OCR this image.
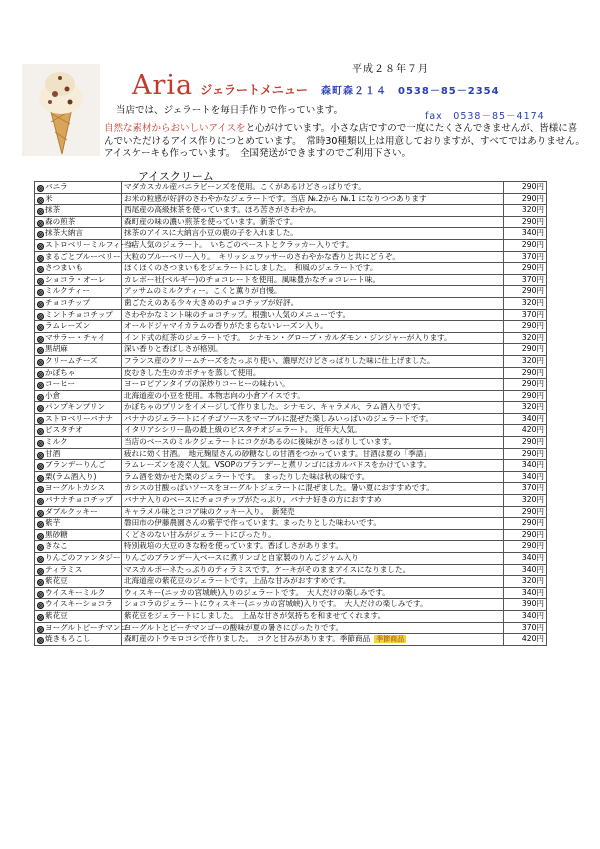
平成２８年７月
Aria ジェラートメニュー 森町森２１４　0538－85－2354
当店では、ジェラートを毎日手作りで作っています。
fax　0538－85－4174
自然な素材からおいしいアイスをと心がけています。小さな店ですので一度にたくさんできませんが、皆様に喜んでいただけるアイス作りにつとめています。　常時30種類以上は用意しておりますが、すべてではありません。　アイスケーキも作っています。　全国発送ができますのでご利用下さい。
アイスクリーム
◎ バニラ	マダカスカル産バニラビーンズを使用。こくがあるけどさっぱりです。	290円
◎ 米	お米の粒感が好評のさわやかなジェラートです。当店 №.2から №.1 になりつつあります	290円
◎ 抹茶	西尾産の高級抹茶を使っています。ほろ苦さがさわやか。	320円
◎ 森の煎茶	森町産の味の濃い煎茶を使っています。新茶です。	290円
◎ 抹茶大納言	抹茶のアイスに大納言小豆の鹿の子を入れました。	340円
◎ ストロベリーミルフィーユ	当店人気のジェラート。　いちごのペーストとクラッカー入りです。	290円
◎ まるごとブルーベリー	大粒のブルーベリー入り。　キリッシュワッサーのさわやかな香りと共にどうぞ。	370円
◎ さつまいも	ほくほくのさつまいもをジェラートにしました。　和風のジェラートです。	290円
◎ ショコラ・オーレ	カレボー社(ベルギー)のチョコレートを使用。風味豊かなチョコレート味。	370円
◎ ミルクティー	アッサムのミルクティー。こくと薫りが自慢。	290円
◎ チョコチップ	歯ごたえのある少々大きめのチョコチップが好評。	320円
◎ ミントチョコチップ	さわやかなミント味のチョコチップ。根強い人気のメニューです。	370円
◎ ラムレーズン	オールドジャマイカラムの香りがたまらないレーズン入り。	290円
◎ マサラー・チャイ	インド式の紅茶のジェラートです。　シナモン・グローブ・カルダモン・ジンジャーが入ります。	320円
◎ 黒胡麻	深い香りと香ばしさが格別。	290円
◎ クリームチーズ	フランス産のクリームチーズをたっぷり使い、濃厚だけどさっぱりした味に仕上げました。	320円
◎ かぼちゃ	皮むきした生のカボチャを蒸して使用。	290円
◎ コーヒー	ヨーロピアンタイプの深炒りコーヒーの味わい。	290円
◎ 小倉	北海道産の小豆を使用。本物志向の小倉アイスです。	290円
◎ パンプキンプリン	かぼちゃのプリンをイメージして作りました。シナモン、キャラメル、ラム酒入りです。	320円
◎ ストロベリーバナナ	バナナのジェラートにイチゴソースをマーブルに混ぜた楽しみいっぱいのジェラートです。	340円
◎ ピスタチオ	イタリアシシリー島の最上級のピスタチオジェラート。　近年大人気。	420円
◎ ミルク	当店のベースのミルクジェラートにコクがあるのに後味がさっぱりしています。	290円
◎ 甘酒	疲れに効く甘酒。　地元麹屋さんの砂糖なしの甘酒をつかっています。甘酒は夏の「季語」	290円
◎ ブランデーりんご	ラムレーズンを凌ぐ人気。VSOPのブランデーと煮リンゴにはカルバドスをかけています。	340円
◎ 栗(ラム酒入り)	ラム酒を効かせた栗のジェラートです。　まったりした味は秋の味です。	340円
◎ ヨーグルトカシス	カシスの甘酸っぱいソースをヨーグルトジェラートに混ぜました。暑い夏におすすめです。	370円
◎ バナナチョコチップ	バナナ入りのベースにチョコチップがたっぷり。バナナ好きの方におすすめ	320円
◎ ダブルクッキー	キャラメル味とココア味のクッキー入り。　新発売	290円
◎ 紫芋	磐田市の伊藤農園さんの紫芋で作っています。まったりとした味わいです。	290円
◎ 黒砂糖	くどさのない甘みがジェラートにぴったり。	290円
◎ きなこ	特別栽培の大豆のきな粉を使っています。香ばしさがあります。	290円
◎ りんごのファンタジー	りんごのブランデー入ベースに煮リンゴと自家製のりんごジャム入り	340円
◎ ティラミス	マスカルポーネたっぷりのティラミスです。ケーキがそのままアイスになりました。	340円
◎ 紫花豆	北海道産の紫花豆のジェラートです。上品な甘みがおすすめです。	320円
◎ ウイスキーミルク	ウィスキー(ニッカの宮城峡)入りのジェラートです。　大人だけの楽しみです。	340円
◎ ウイスキーショコラ	ショコラのジェラートにウィスキー(ニッカの宮城峡)入りです。　大人だけの楽しみです。	390円
◎ 紫花豆	紫花豆をジェラートにしました。　上品な甘さが気持ちを和ませてくれます。	340円
◎ ヨーグルトピーチマンゴ	ヨーグルトとピーチマンゴーの酸味が夏の暑さにぴったりです。	370円
◎ 焼きもろこし	森町産のトウモロコシで作りました。　コクと甘みがあります。季節商品 季節商品	420円
